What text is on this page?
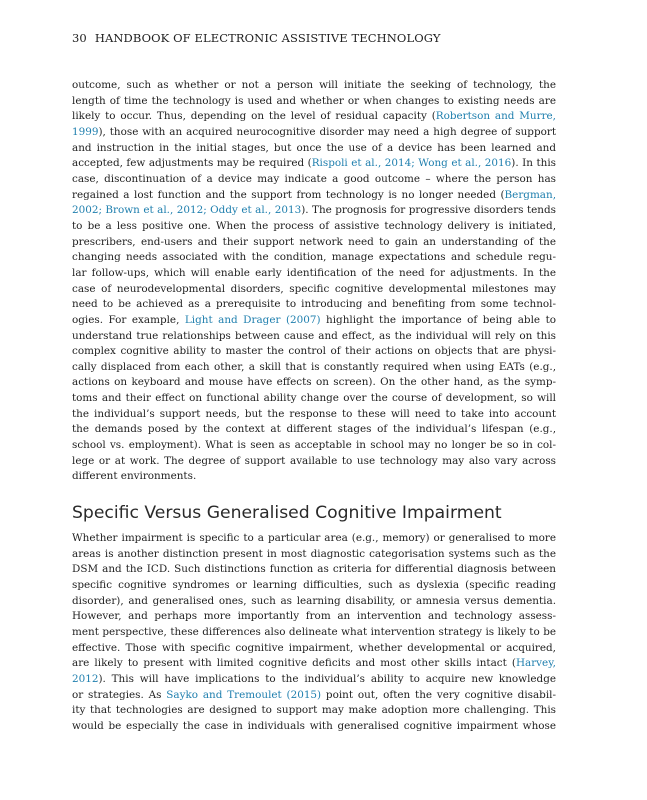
30 HANDBOOK OF ELECTRONIC ASSISTIVE TECHNOLOGY
outcome, such as whether or not a person will initiate the seeking of technology, the
length of time the technology is used and whether or when changes to existing needs are
likely to occur. Thus, depending on the level of residual capacity (Robertson and Murre,
1999), those with an acquired neurocognitive disorder may need a high degree of support
and instruction in the initial stages, but once the use of a device has been learned and
accepted, few adjustments may be required (Rispoli et al., 2014; Wong et al., 2016). In this
case, discontinuation of a device may indicate a good outcome – where the person has
regained a lost function and the support from technology is no longer needed (Bergman,
2002; Brown et al., 2012; Oddy et al., 2013). The prognosis for progressive disorders tends
to be a less positive one. When the process of assistive technology delivery is initiated,
prescribers, end-users and their support network need to gain an understanding of the
changing needs associated with the condition, manage expectations and schedule regu-
lar follow-ups, which will enable early identification of the need for adjustments. In the
case of neurodevelopmental disorders, specific cognitive developmental milestones may
need to be achieved as a prerequisite to introducing and benefiting from some technol-
ogies. For example, Light and Drager (2007) highlight the importance of being able to
understand true relationships between cause and effect, as the individual will rely on this
complex cognitive ability to master the control of their actions on objects that are physi-
cally displaced from each other, a skill that is constantly required when using EATs (e.g.,
actions on keyboard and mouse have effects on screen). On the other hand, as the symp-
toms and their effect on functional ability change over the course of development, so will
the individual’s support needs, but the response to these will need to take into account
the demands posed by the context at different stages of the individual’s lifespan (e.g.,
school vs. employment). What is seen as acceptable in school may no longer be so in col-
lege or at work. The degree of support available to use technology may also vary across
different environments.
Specific Versus Generalised Cognitive Impairment
Whether impairment is specific to a particular area (e.g., memory) or generalised to more
areas is another distinction present in most diagnostic categorisation systems such as the
DSM and the ICD. Such distinctions function as criteria for differential diagnosis between
specific cognitive syndromes or learning difficulties, such as dyslexia (specific reading
disorder), and generalised ones, such as learning disability, or amnesia versus dementia.
However, and perhaps more importantly from an intervention and technology assess-
ment perspective, these differences also delineate what intervention strategy is likely to be
effective. Those with specific cognitive impairment, whether developmental or acquired,
are likely to present with limited cognitive deficits and most other skills intact (Harvey,
2012). This will have implications to the individual’s ability to acquire new knowledge
or strategies. As Sayko and Tremoulet (2015) point out, often the very cognitive disabil-
ity that technologies are designed to support may make adoption more challenging. This
would be especially the case in individuals with generalised cognitive impairment whose
